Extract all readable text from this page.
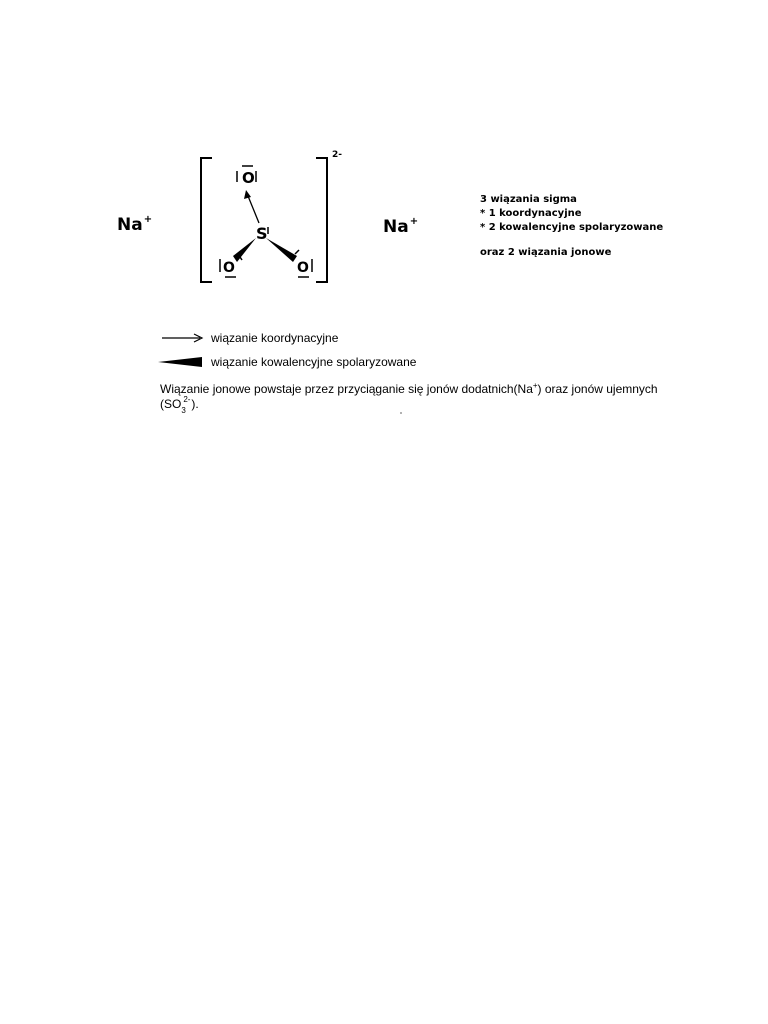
Na+	Na+
S
O
O	O
2-
3 wiązania sigma
* 1 koordynacyjne
* 2 kowalencyjne spolaryzowane
oraz 2 wiązania jonowe
wiązanie koordynacyjne
wiązanie kowalencyjne spolaryzowane
Wiązanie jonowe powstaje przez przyciąganie się jonów dodatnich(Na+) oraz jonów ujemnych (SO 3
2- ).
